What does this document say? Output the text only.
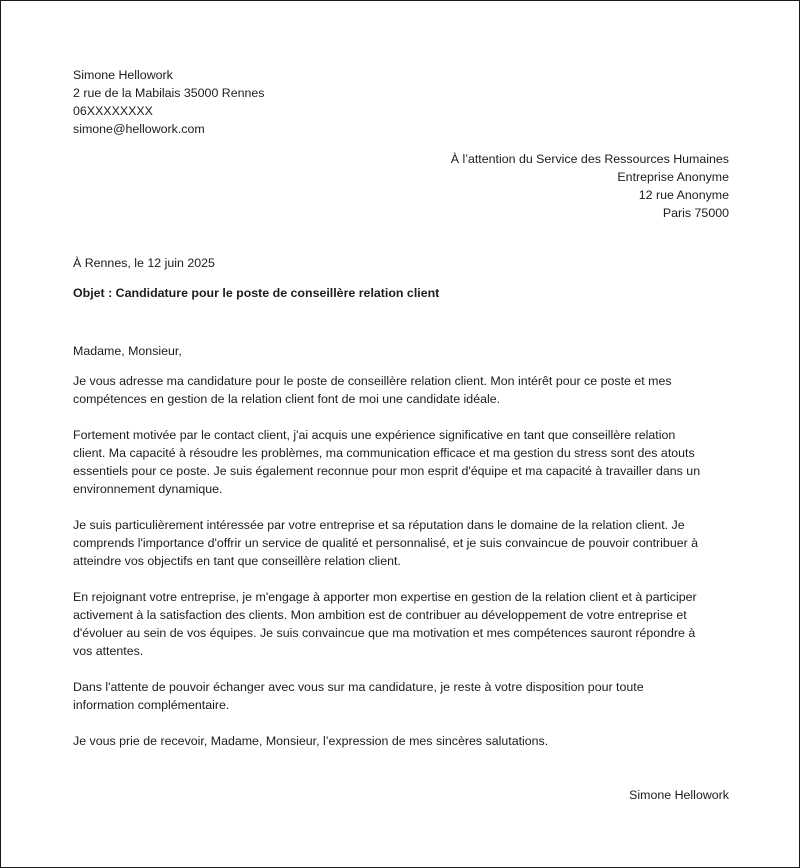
Simone Hellowork
2 rue de la Mabilais 35000 Rennes
06XXXXXXXX
simone@hellowork.com
À l’attention du Service des Ressources Humaines
Entreprise Anonyme
12 rue Anonyme
Paris 75000
À Rennes, le 12 juin 2025
Objet : Candidature pour le poste de conseillère relation client
Madame, Monsieur,

Je vous adresse ma candidature pour le poste de conseillère relation client. Mon intérêt pour ce poste et mes
compétences en gestion de la relation client font de moi une candidate idéale.

Fortement motivée par le contact client, j'ai acquis une expérience significative en tant que conseillère relation
client. Ma capacité à résoudre les problèmes, ma communication efficace et ma gestion du stress sont des atouts
essentiels pour ce poste. Je suis également reconnue pour mon esprit d'équipe et ma capacité à travailler dans un
environnement dynamique.

Je suis particulièrement intéressée par votre entreprise et sa réputation dans le domaine de la relation client. Je
comprends l'importance d'offrir un service de qualité et personnalisé, et je suis convaincue de pouvoir contribuer à
atteindre vos objectifs en tant que conseillère relation client.

En rejoignant votre entreprise, je m'engage à apporter mon expertise en gestion de la relation client et à participer
activement à la satisfaction des clients. Mon ambition est de contribuer au développement de votre entreprise et
d'évoluer au sein de vos équipes. Je suis convaincue que ma motivation et mes compétences sauront répondre à
vos attentes.

Dans l'attente de pouvoir échanger avec vous sur ma candidature, je reste à votre disposition pour toute
information complémentaire.

Je vous prie de recevoir, Madame, Monsieur, l’expression de mes sincères salutations.

Simone Hellowork
